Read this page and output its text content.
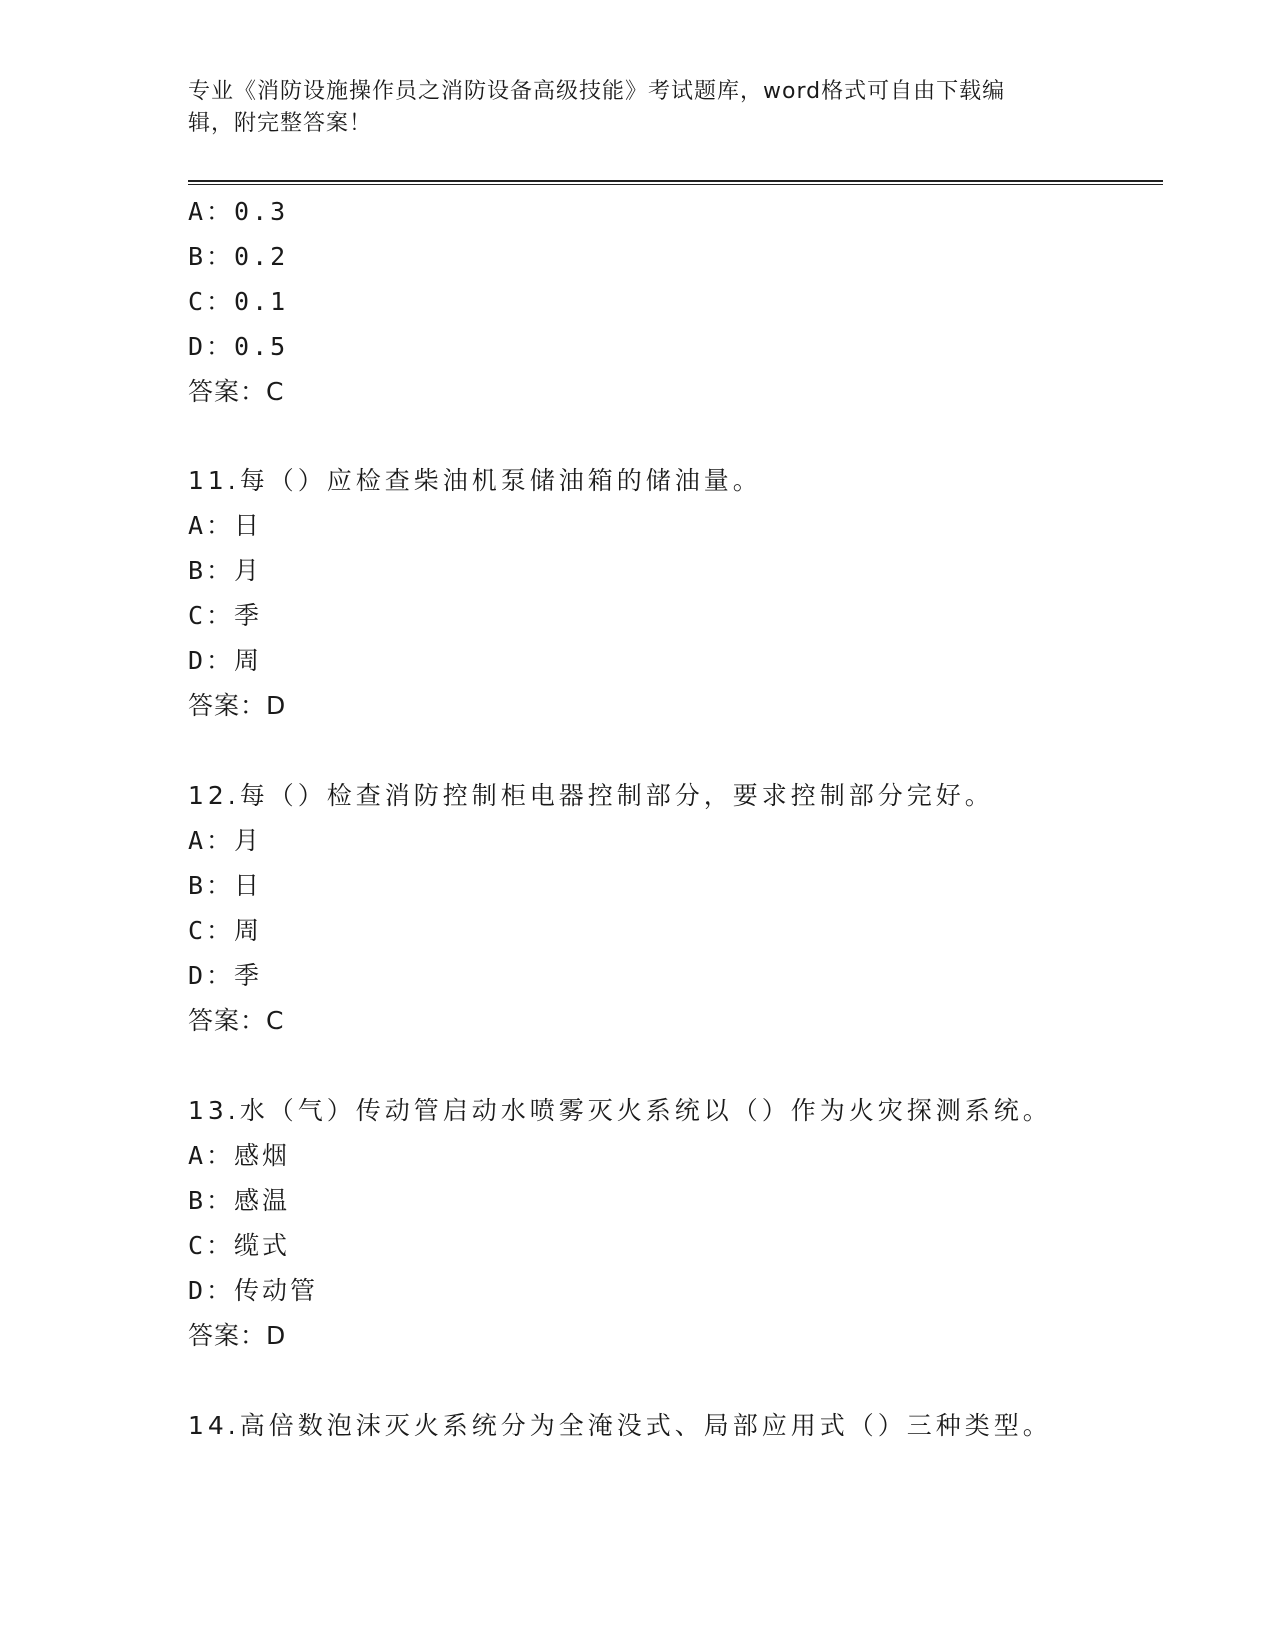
专业《消防设施操作员之消防设备高级技能》考试题库，word格式可自由下载编
辑，附完整答案！

A：0.3
B：0.2
C：0.1
D：0.5
答案：C
11.每（）应检查柴油机泵储油箱的储油量。
A：日
B：月
C：季
D：周
答案：D
12.每（）检查消防控制柜电器控制部分，要求控制部分完好。
A：月
B：日
C：周
D：季
答案：C
13.水（气）传动管启动水喷雾灭火系统以（）作为火灾探测系统。
A：感烟
B：感温
C：缆式
D：传动管
答案：D
14.高倍数泡沫灭火系统分为全淹没式、局部应用式（）三种类型。
